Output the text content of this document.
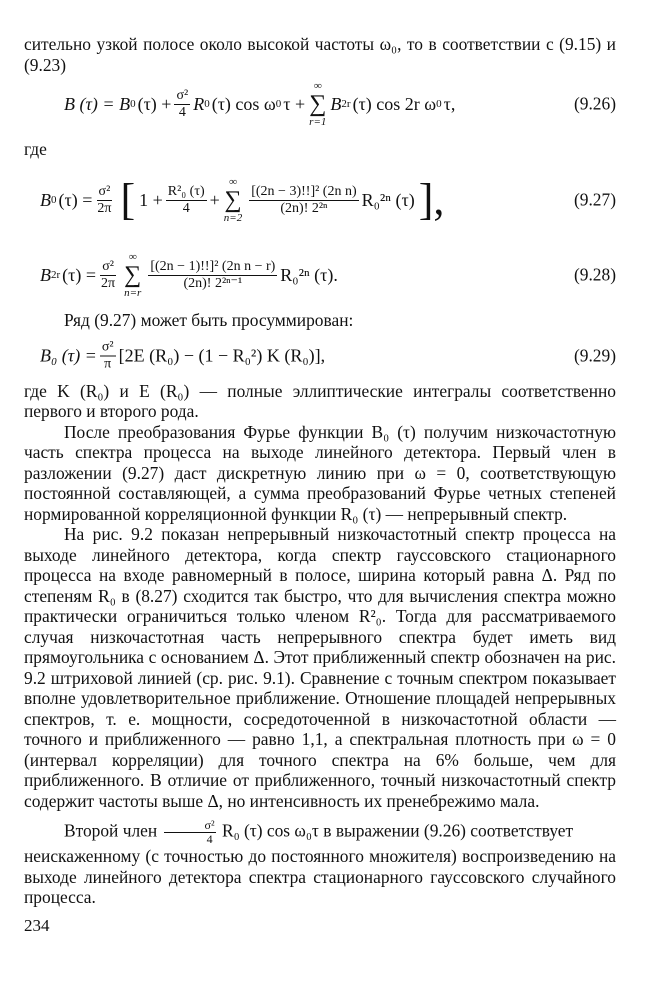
сительно узкой полосе около высокой частоты ω₀, то в соответствии с (9.15) и (9.23)

B (τ) = B 0 $(\tau) + \frac{\text{σ²}}{4}$ R 0 (τ) cos ω 0 τ +
∞
∑
r=1
B 2r (τ) cos 2r ω 0 τ,	(9.26)

где

B 0 $(\tau) = \frac{\text{σ²}}{2\pi}$ [ $1 + \frac{\text{R²₀ (τ)}}{4}$ +
∞
∑
n=2
$\frac{\text{[(2n − 3)!!]² (2n n)}}{\text{(2n)! 2²ⁿ}} R_0^{2n}$ (τ) ],	(9.27)
B 2r $(\tau) = \frac{\text{σ²}}{2\pi}$
∞
∑
n=r
$\frac{\text{[(2n − 1)!!]² (2n n − r)}}{\text{(2n)! 2²ⁿ⁻¹}} R_0^{2n}$ (τ).	(9.28)

Ряд (9.27) может быть просуммирован:

B₀ $(\tau) = \frac{\text{σ²}}{\pi} [2E$ (R₀) − (1 − R₀²) K (R₀)],	(9.29)

где K (R₀) и E (R₀) — полные эллиптические интегралы соответственно первого и второго рода.

После преобразования Фурье функции B₀ (τ) получим низкочастотную часть спектра процесса на выходе линейного детектора. Первый член в разложении (9.27) даст дискретную линию при ω = 0, соответствующую постоянной составляющей, а сумма преобразований Фурье четных степеней нормированной корреляционной функции R₀ (τ) — непрерывный спектр.

На рис. 9.2 показан непрерывный низкочастотный спектр процесса на выходе линейного детектора, когда спектр гауссовского стационарного процесса на входе равномерный в полосе, ширина который равна Δ. Ряд по степеням R₀ в (8.27) сходится так быстро, что для вычисления спектра можно практически ограничиться только членом R²₀. Тогда для рассматриваемого случая низкочастотная часть непрерывного спектра будет иметь вид прямоугольника с основанием Δ. Этот приближенный спектр обозначен на рис. 9.2 штриховой линией (ср. рис. 9.1). Сравнение с точным спектром показывает вполне удовлетворительное приближение. Отношение площадей непрерывных спектров, т. е. мощности, сосредоточенной в низкочастотной области — точного и приближенного — равно 1,1, а спектральная плотность при ω = 0 (интервал корреляции) для точного спектра на 6% больше, чем для приближенного. В отличие от приближенного, точный низкочастотный спектр содержит частоты выше Δ, но интенсивность их пренебрежимо мала.

Второй член $\frac{\text{σ²}}{4} R_0$ (τ) cos ω₀τ в выражении (9.26) соответствует

неискаженному (с точностью до постоянного множителя) воспроизведению на выходе линейного детектора спектра стационарного гауссовского случайного процесса.

234
